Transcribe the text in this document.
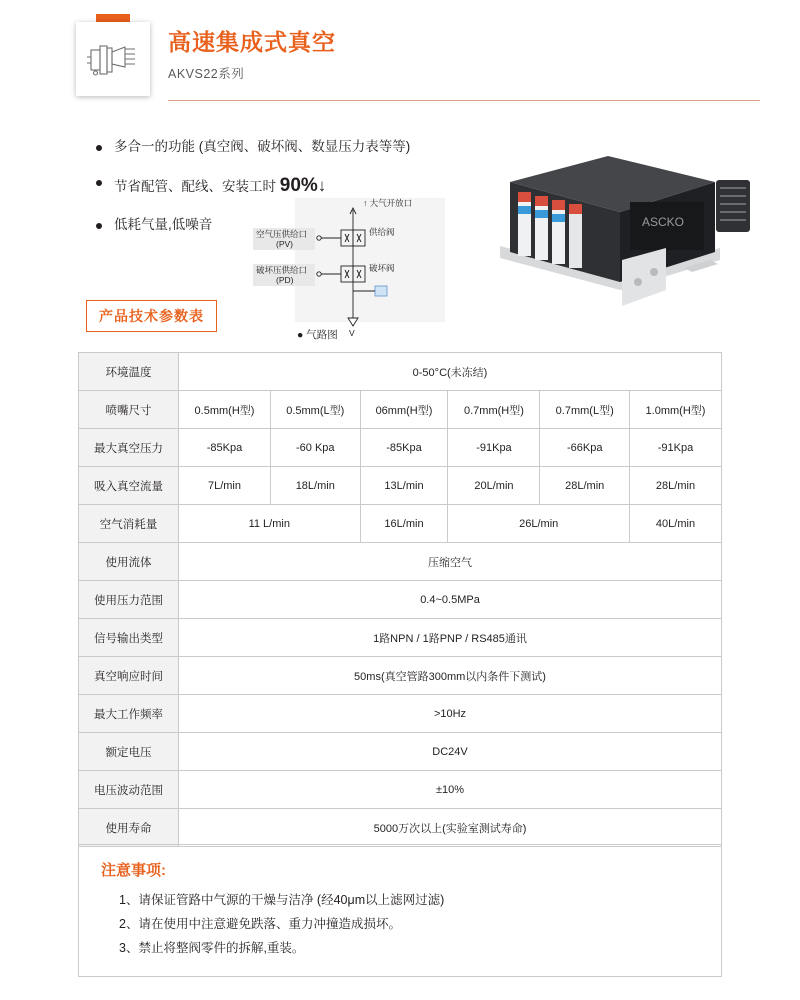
高速集成式真空
AKVS22系列
多合一的功能 (真空阀、破坏阀、数显压力表等等)
节省配管、配线、安装工时 90%↓
低耗气量,低噪音
产品技术参数表
↑ 大气开放口
供给阀
破坏阀
V
空气压供给口
(PV)
破坏压供给口
(PD)
● 气路图
ASCKO
环境温度	0-50°C(未冻结)					
喷嘴尺寸	0.5mm(H型)	0.5mm(L型)	06mm(H型)	0.7mm(H型)	0.7mm(L型)	1.0mm(H型)
最大真空压力	-85Kpa	-60 Kpa	-85Kpa	-91Kpa	-66Kpa	-91Kpa
吸入真空流量	7L/min	18L/min	13L/min	20L/min	28L/min	28L/min
空气消耗量	11 L/min		16L/min	26L/min		40L/min
使用流体	压缩空气					
使用压力范围	0.4~0.5MPa					
信号输出类型	1路NPN / 1路PNP / RS485通讯					
真空响应时间	50ms(真空管路300mm以内条件下测试)					
最大工作频率	>10Hz					
额定电压	DC24V					
电压波动范围	±10%					
使用寿命	5000万次以上(实验室测试寿命)					
注意事项:
1、请保证管路中气源的干燥与洁净 (经40μm以上滤网过滤)
2、请在使用中注意避免跌落、重力冲撞造成损坏。
3、禁止将整阀零件的拆解,重装。
